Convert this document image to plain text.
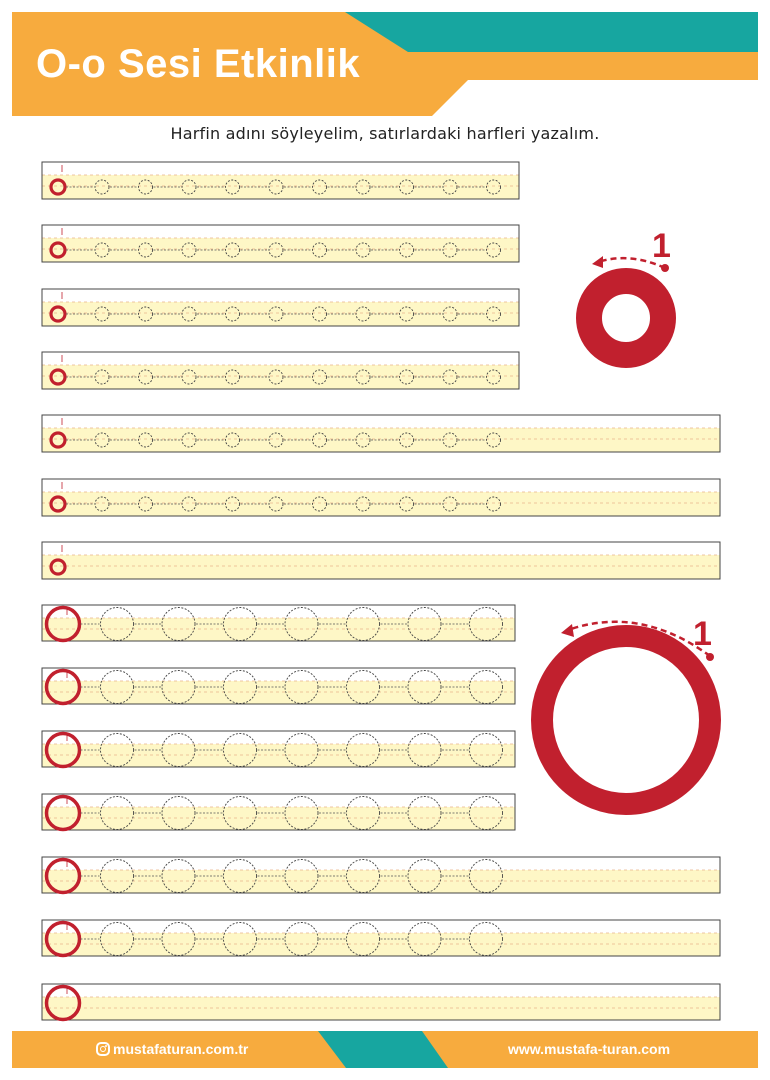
1
1
O-o Sesi Etkinlik

Harfin adını söyleyelim, satırlardaki harfleri yazalım.

mustafaturan.com.tr	www.mustafa-turan.com
